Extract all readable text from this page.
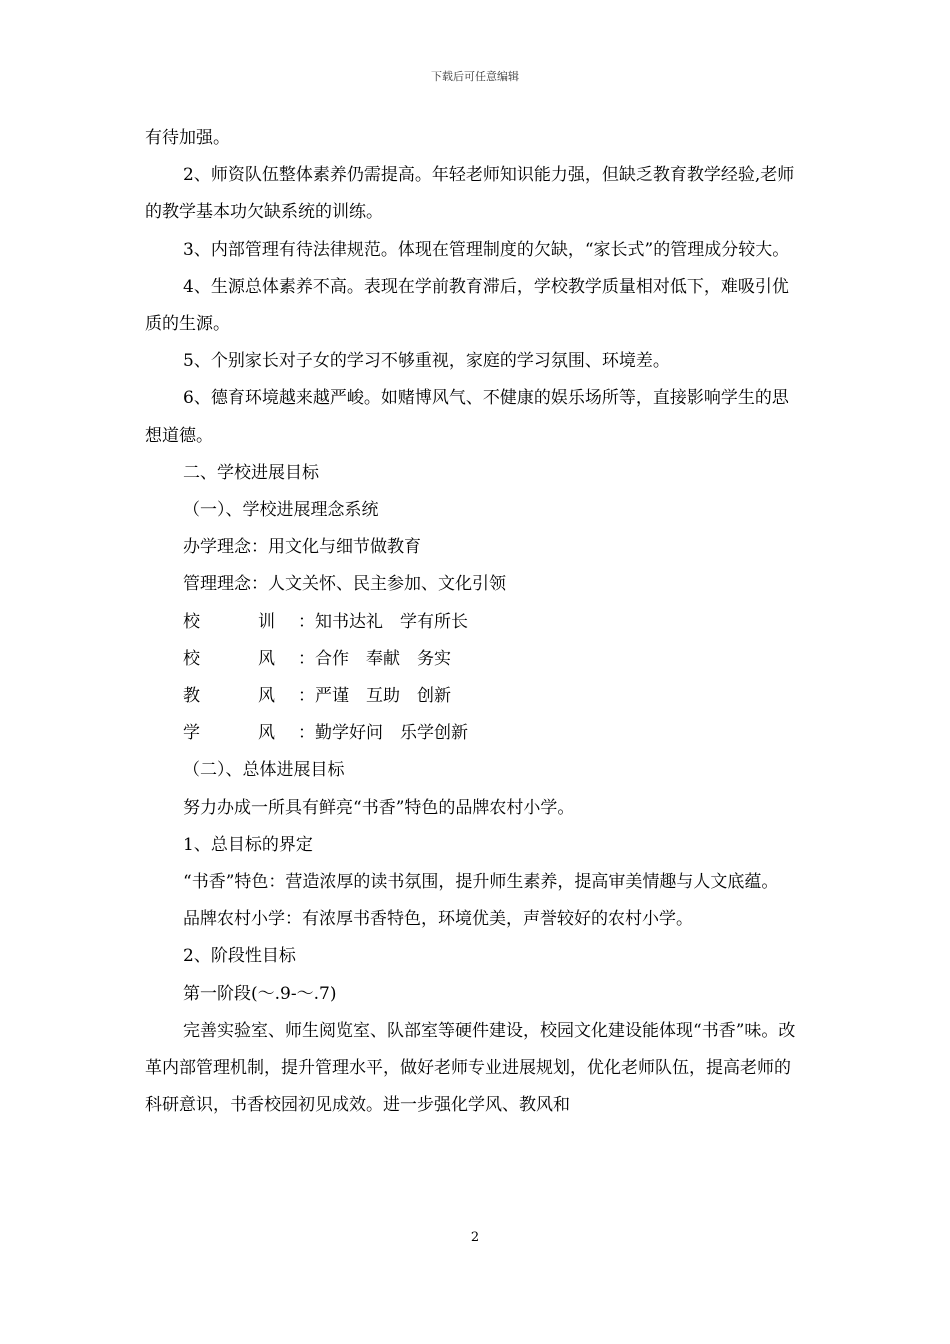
下载后可任意编辑

有待加强。

2、师资队伍整体素养仍需提高。年轻老师知识能力强，但缺乏教育教学经验,老师的教学基本功欠缺系统的训练。

3、内部管理有待法律规范。体现在管理制度的欠缺，“家长式”的管理成分较大。

4、生源总体素养不高。表现在学前教育滞后，学校教学质量相对低下，难吸引优质的生源。

5、个别家长对子女的学习不够重视，家庭的学习氛围、环境差。

6、德育环境越来越严峻。如赌博风气、不健康的娱乐场所等，直接影响学生的思想道德。

二、学校进展目标

（一）、学校进展理念系统

办学理念：用文化与细节做教育

管理理念：人文关怀、民主参加、文化引领

校	训	：知书达礼　学有所长
校	风	：合作　奉献　务实
教	风	：严谨　互助　创新
学	风	：勤学好问　乐学创新

（二）、总体进展目标

努力办成一所具有鲜亮“书香”特色的品牌农村小学。

1、总目标的界定

“书香”特色：营造浓厚的读书氛围，提升师生素养，提高审美情趣与人文底蕴。

品牌农村小学：有浓厚书香特色，环境优美，声誉较好的农村小学。

2、阶段性目标

第一阶段(～.9-～.7)

完善实验室、师生阅览室、队部室等硬件建设，校园文化建设能体现“书香”味。改革内部管理机制，提升管理水平，做好老师专业进展规划，优化老师队伍，提高老师的科研意识，书香校园初见成效。进一步强化学风、教风和

2
